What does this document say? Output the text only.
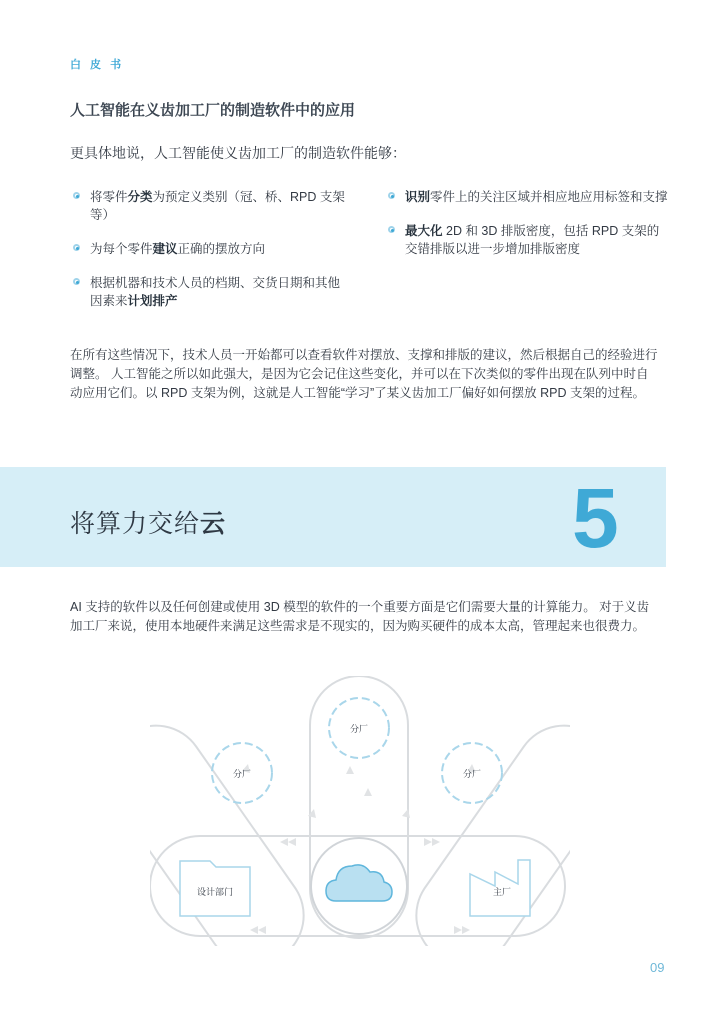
白 皮 书
人工智能在义齿加工厂的制造软件中的应用
更具体地说，人工智能使义齿加工厂的制造软件能够：
将零件分类为预定义类别（冠、桥、RPD 支架等）
为每个零件建议正确的摆放方向
根据机器和技术人员的档期、交货日期和其他因素来计划排产
识别零件上的关注区域并相应地应用标签和支撑
最大化 2D 和 3D 排版密度，包括 RPD 支架的交错排版以进一步增加排版密度
在所有这些情况下，技术人员一开始都可以查看软件对摆放、支撑和排版的建议，然后根据自己的经验进行调整。 人工智能之所以如此强大，是因为它会记住这些变化，并可以在下次类似的零件出现在队列中时自动应用它们。以 RPD 支架为例，这就是人工智能“学习”了某义齿加工厂偏好如何摆放 RPD 支架的过程。
将算力交给云	5
AI 支持的软件以及任何创建或使用 3D 模型的软件的一个重要方面是它们需要大量的计算能力。 对于义齿加工厂来说，使用本地硬件来满足这些需求是不现实的，因为购买硬件的成本太高，管理起来也很费力。
分厂
分厂	分厂
设计部门	主厂
09
